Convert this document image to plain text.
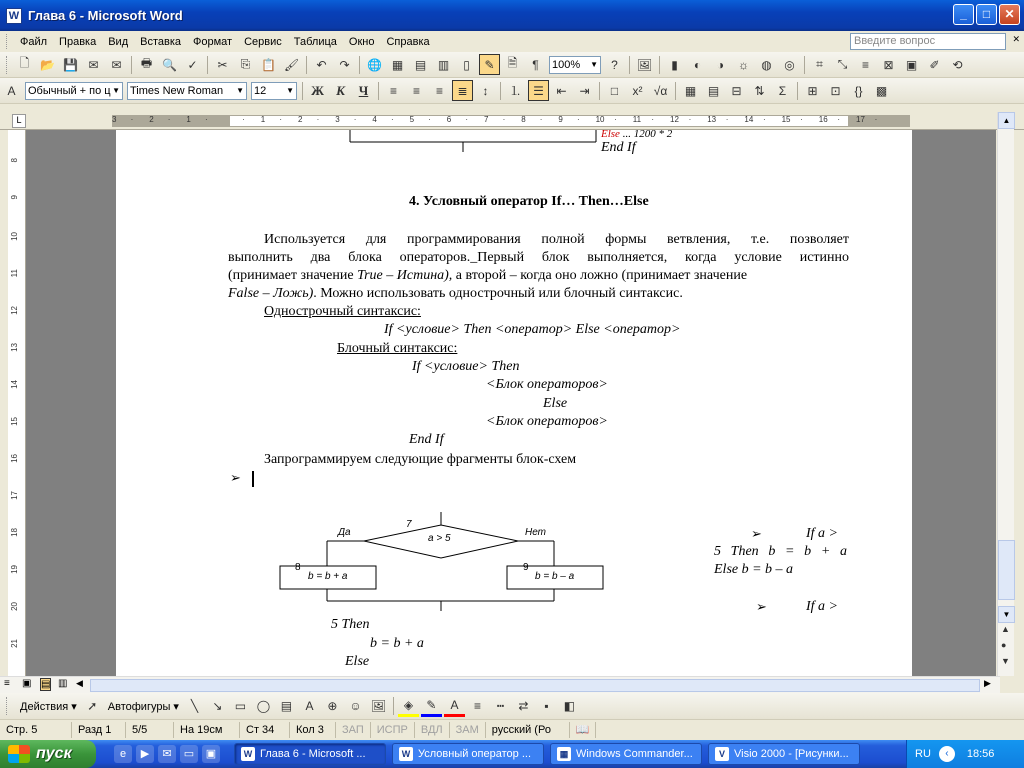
W Глава 6 - Microsoft Word	_	□	✕
Файл	Правка	Вид	Вставка	Формат	Сервис	Таблица	Окно	Справка	Введите вопрос	✕
🗋 📂 💾 ✉	✉	🖶 🔍 ✓	✂	⎘ 📋 🖌	↶	↷	🌐 ▦ ▤ ▥	▯	✎	🗎	¶	100% ▼	?	🖼	▮	◐	◑	☼	◍	◎	⌗	⤡	≡	⊠	▣	✐	⟲
A	Обычный + по ц ▼ Times New Roman ▼ 12 ▼	Ж К	Ч	≡	≡	≡	≣	↕	⒈ ☰	⇤	⇥	□	x² √α	▦ ▤	⊟	⇅	Σ	⊞	⊡	{}	▩
L	3 · 2 · 1 ·	· 1 · 2 · 3 · 4 · 5 · 6 · 7 · 8 · 9 · 10 · 11 · 12 · 13 · 14 · 15 · 16 · 17 ·
8
9
10
11
12
13
14
15
16
17
18
19
20
21
Else ... 1200 * 2
End If
4. Условный оператор If… Then…Else
Используется для программирования полной формы ветвления, т.е. позволяет
выполнить два блока операторов._Первый блок выполняется, когда условие истинно
(принимает значение True – Истина), а второй – когда оно ложно (принимает значение
False – Ложь). Можно использовать однострочный или блочный синтаксис.
Однострочный синтаксис:
If <условие> Then <оператор> Else <оператор>
Блочный синтаксис:
If <условие> Then
<Блок операторов>
Else
<Блок операторов>
End If
Запрограммируем следующие фрагменты блок-схем
➢
7
a > 5
Да	Нет
8
b = b + a
9
b = b – a
➢	If a >
5 Then b = b + a
Else b = b – a
➢	If a >
5 Then
b = b + a
Else
▲
▼
▲
●
▼
≡ ▣ ▤ ▥ ◀	▶
Действия ▾ ➚ Автофигуры ▾ ╲	↘	▭ ◯ ▤	A	⊕ ☺ 🖼	◈	✎	A	≡	┅	⇄	▪	◧
Стр. 5	Разд 1	5/5	На 19см	Ст 34	Кол 3	ЗАП	ИСПР	ВДЛ	ЗАМ	русский (Ро	📖
пуск	e	▶	✉	▭	▣	W Глава 6 - Microsoft ...	W Условный оператор ...	▦ Windows Commander...	V Visio 2000 - [Рисунки...	RU	‹	18:56
